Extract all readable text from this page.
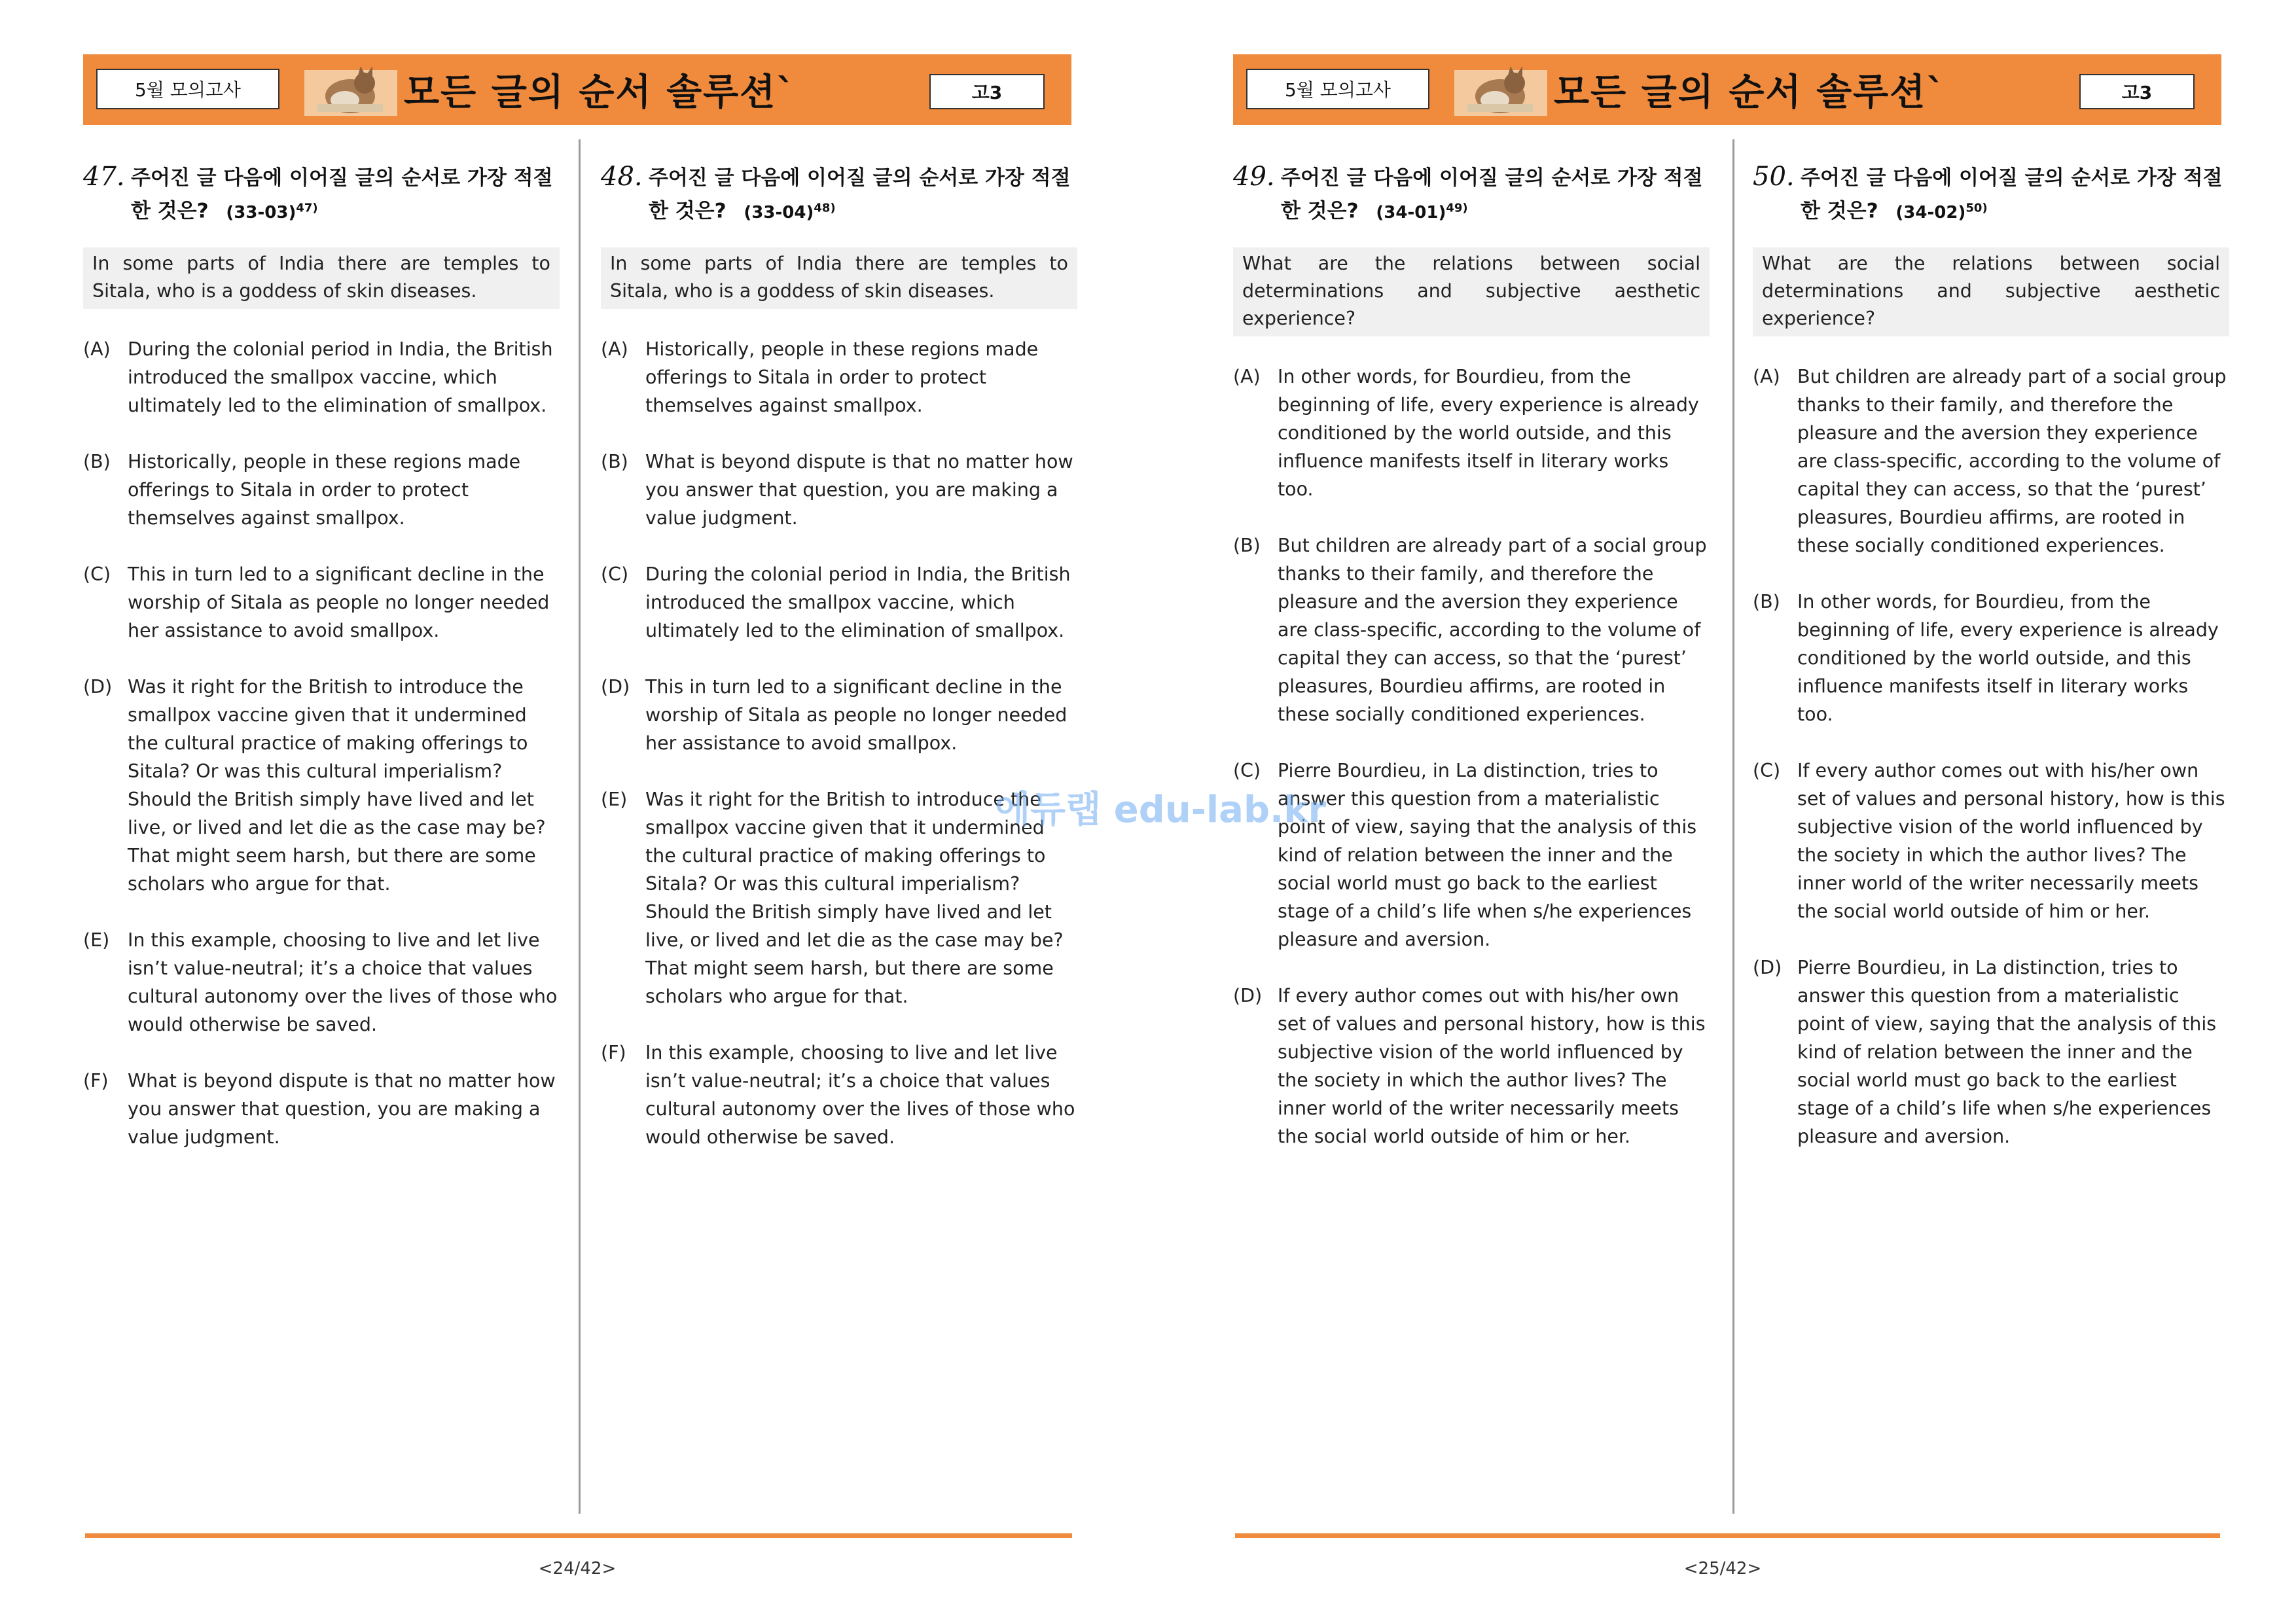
5월 모의고사	모든 글의 순서 솔루션`	고3
47. 주어진 글 다음에 이어질 글의 순서로 가장 적절한 것은? $(33-03)^{47)}$
In some parts of India there are temples to Sitala, who is a goddess of skin diseases.
(A) During the colonial period in India, the British introduced the smallpox vaccine, which ultimately led to the elimination of smallpox.
(B) Historically, people in these regions made offerings to Sitala in order to protect themselves against smallpox.
(C) This in turn led to a significant decline in the worship of Sitala as people no longer needed her assistance to avoid smallpox.
(D) Was it right for the British to introduce the smallpox vaccine given that it undermined the cultural practice of making offerings to Sitala? Or was this cultural imperialism? Should the British simply have lived and let live, or lived and let die as the case may be? That might seem harsh, but there are some scholars who argue for that.
(E) In this example, choosing to live and let live isn’t value-neutral; it’s a choice that values cultural autonomy over the lives of those who would otherwise be saved.
(F) What is beyond dispute is that no matter how you answer that question, you are making a value judgment.
48. 주어진 글 다음에 이어질 글의 순서로 가장 적절한 것은? $(33-04)^{48)}$
In some parts of India there are temples to Sitala, who is a goddess of skin diseases.
(A) Historically, people in these regions made offerings to Sitala in order to protect themselves against smallpox.
(B) What is beyond dispute is that no matter how you answer that question, you are making a value judgment.
(C) During the colonial period in India, the British introduced the smallpox vaccine, which ultimately led to the elimination of smallpox.
(D) This in turn led to a significant decline in the worship of Sitala as people no longer needed her assistance to avoid smallpox.
(E) Was it right for the British to introduce the smallpox vaccine given that it undermined the cultural practice of making offerings to Sitala? Or was this cultural imperialism? Should the British simply have lived and let live, or lived and let die as the case may be? That might seem harsh, but there are some scholars who argue for that.
(F) In this example, choosing to live and let live isn’t value-neutral; it’s a choice that values cultural autonomy over the lives of those who would otherwise be saved.
<24/42>
5월 모의고사	모든 글의 순서 솔루션`	고3
49. 주어진 글 다음에 이어질 글의 순서로 가장 적절한 것은? $(34-01)^{49)}$
What are the relations between social determinations and subjective aesthetic experience?
(A) In other words, for Bourdieu, from the beginning of life, every experience is already conditioned by the world outside, and this influence manifests itself in literary works too.
(B) But children are already part of a social group thanks to their family, and therefore the pleasure and the aversion they experience are class-specific, according to the volume of capital they can access, so that the ‘purest’ pleasures, Bourdieu affirms, are rooted in these socially conditioned experiences.
(C) Pierre Bourdieu, in La distinction, tries to answer this question from a materialistic point of view, saying that the analysis of this kind of relation between the inner and the social world must go back to the earliest stage of a child’s life when s/he experiences pleasure and aversion.
(D) If every author comes out with his/her own set of values and personal history, how is this subjective vision of the world influenced by the society in which the author lives? The inner world of the writer necessarily meets the social world outside of him or her.
50. 주어진 글 다음에 이어질 글의 순서로 가장 적절한 것은? $(34-02)^{50)}$
What are the relations between social determinations and subjective aesthetic experience?
(A) But children are already part of a social group thanks to their family, and therefore the pleasure and the aversion they experience are class-specific, according to the volume of capital they can access, so that the ‘purest’ pleasures, Bourdieu affirms, are rooted in these socially conditioned experiences.
(B) In other words, for Bourdieu, from the beginning of life, every experience is already conditioned by the world outside, and this influence manifests itself in literary works too.
(C) If every author comes out with his/her own set of values and personal history, how is this subjective vision of the world influenced by the society in which the author lives? The inner world of the writer necessarily meets the social world outside of him or her.
(D) Pierre Bourdieu, in La distinction, tries to answer this question from a materialistic point of view, saying that the analysis of this kind of relation between the inner and the social world must go back to the earliest stage of a child’s life when s/he experiences pleasure and aversion.
<25/42>
에듀랩 edu-lab.kr
